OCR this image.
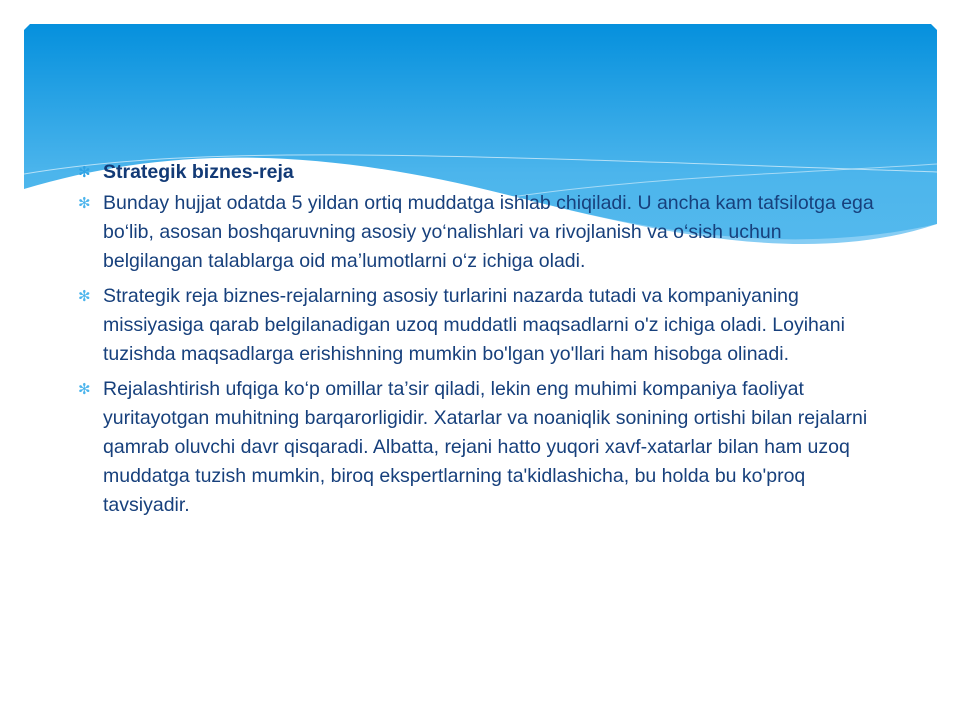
✻ Strategik biznes-reja
✻ Bunday hujjat odatda 5 yildan ortiq muddatga ishlab chiqiladi. U ancha kam tafsilotga ega bo‘lib, asosan boshqaruvning asosiy yo‘nalishlari va rivojlanish va o‘sish uchun belgilangan talablarga oid ma’lumotlarni o‘z ichiga oladi.
✻ Strategik reja biznes-rejalarning asosiy turlarini nazarda tutadi va kompaniyaning missiyasiga qarab belgilanadigan uzoq muddatli maqsadlarni o'z ichiga oladi. Loyihani tuzishda maqsadlarga erishishning mumkin bo'lgan yo'llari ham hisobga olinadi.
✻ Rejalashtirish ufqiga ko‘p omillar ta’sir qiladi, lekin eng muhimi kompaniya faoliyat yuritayotgan muhitning barqarorligidir. Xatarlar va noaniqlik sonining ortishi bilan rejalarni qamrab oluvchi davr qisqaradi. Albatta, rejani hatto yuqori xavf-xatarlar bilan ham uzoq muddatga tuzish mumkin, biroq ekspertlarning ta'kidlashicha, bu holda bu ko'proq tavsiyadir.
